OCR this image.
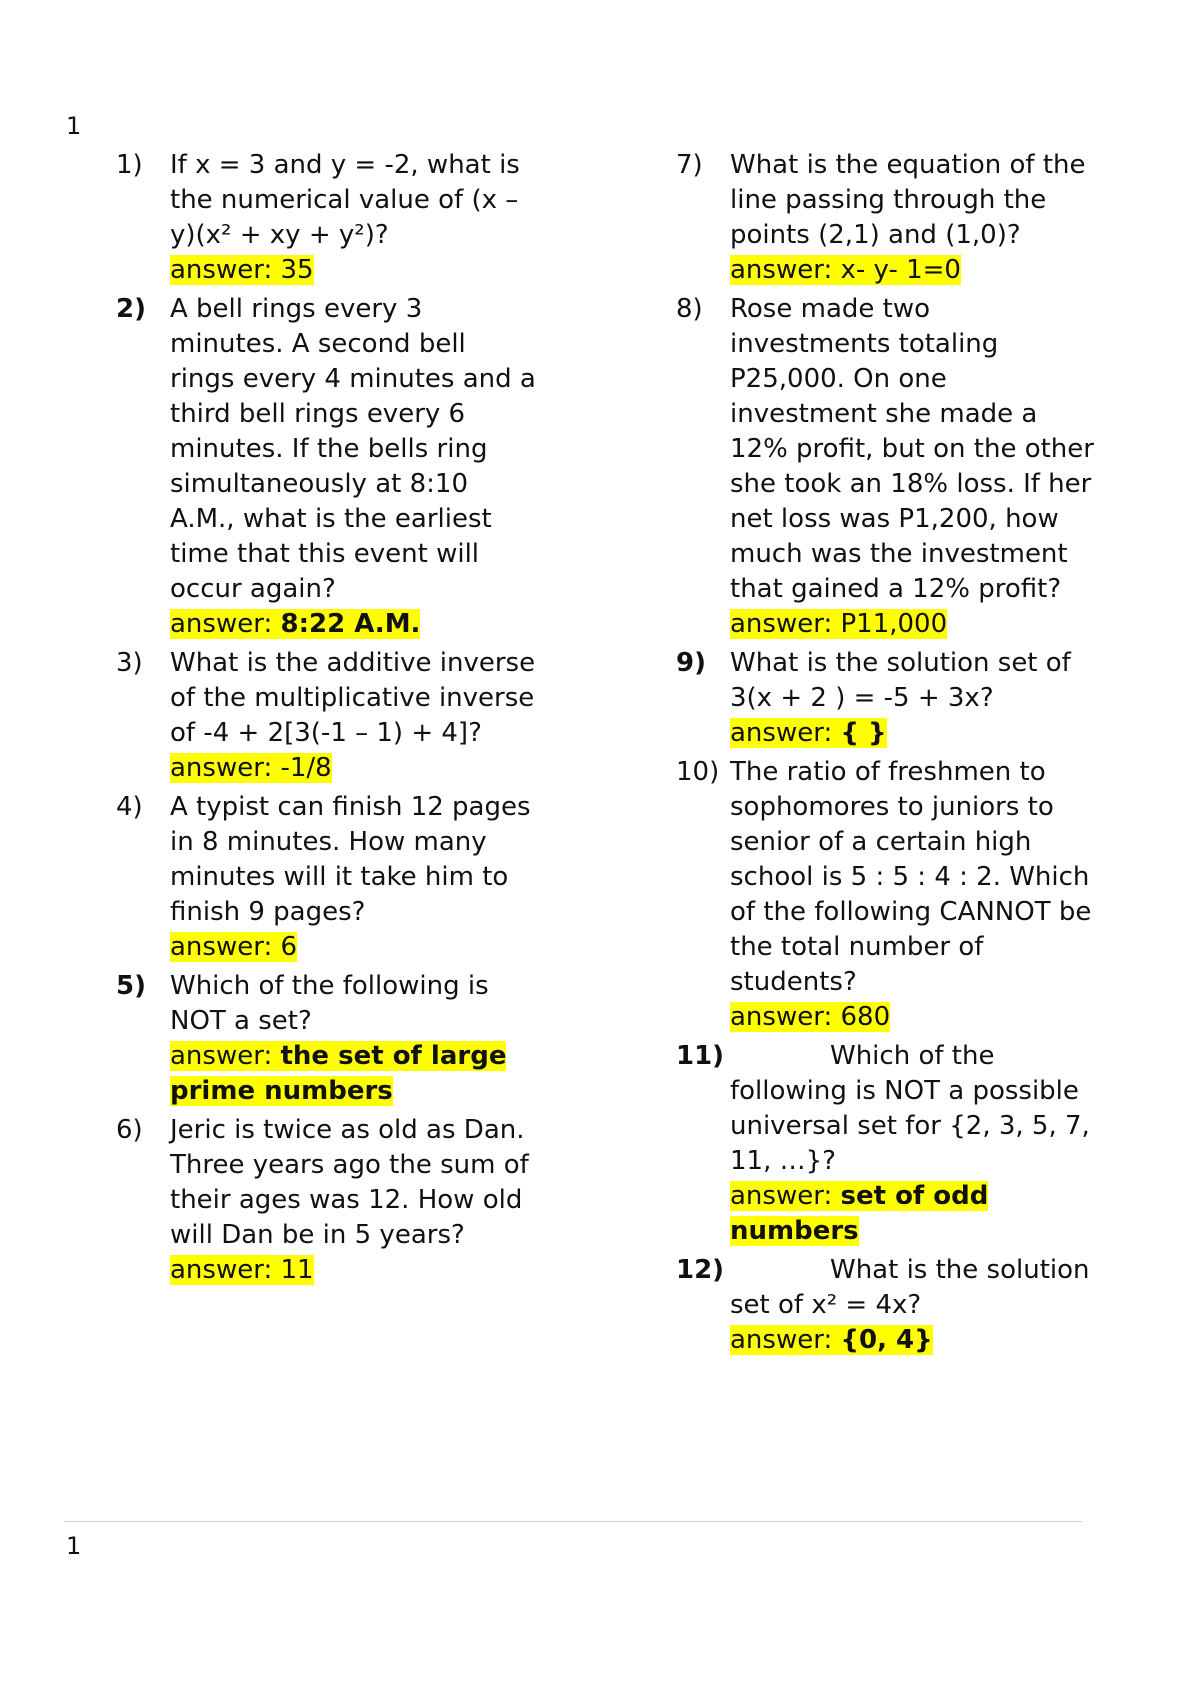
1
1) If x = 3 and y = -2, what is the numerical value of (x – y)(x² + xy + y²)?

answer: 35
2) A bell rings every 3 minutes. A second bell rings every 4 minutes and a third bell rings every 6 minutes. If the bells ring simultaneously at 8:10 A.M., what is the earliest time that this event will occur again?

answer: 8:22 A.M.
3) What is the additive inverse of the multiplicative inverse of -4 + 2[3(-1 – 1) + 4]?

answer: -1/8
4) A typist can finish 12 pages in 8 minutes. How many minutes will it take him to finish 9 pages?

answer: 6
5) Which of the following is NOT a set?

answer: the set of large prime numbers
6) Jeric is twice as old as Dan. Three years ago the sum of their ages was 12. How old will Dan be in 5 years?

answer: 11
7) What is the equation of the line passing through the points (2,1) and (1,0)?

answer: x- y- 1=0
8) Rose made two investments totaling P25,000. On one investment she made a 12% profit, but on the other she took an 18% loss. If her net loss was P1,200, how much was the investment that gained a 12% profit?

answer: P11,000
9) What is the solution set of 3(x + 2 ) = -5 + 3x?

answer: { }
10) The ratio of freshmen to sophomores to juniors to senior of a certain high school is 5 : 5 : 4 : 2. Which of the following CANNOT be the total number of students?

answer: 680
11)	Which of the following is NOT a possible universal set for {2, 3, 5, 7, 11, …}?

answer: set of odd numbers
12)	What is the solution set of x² = 4x?

answer: {0, 4}
1
